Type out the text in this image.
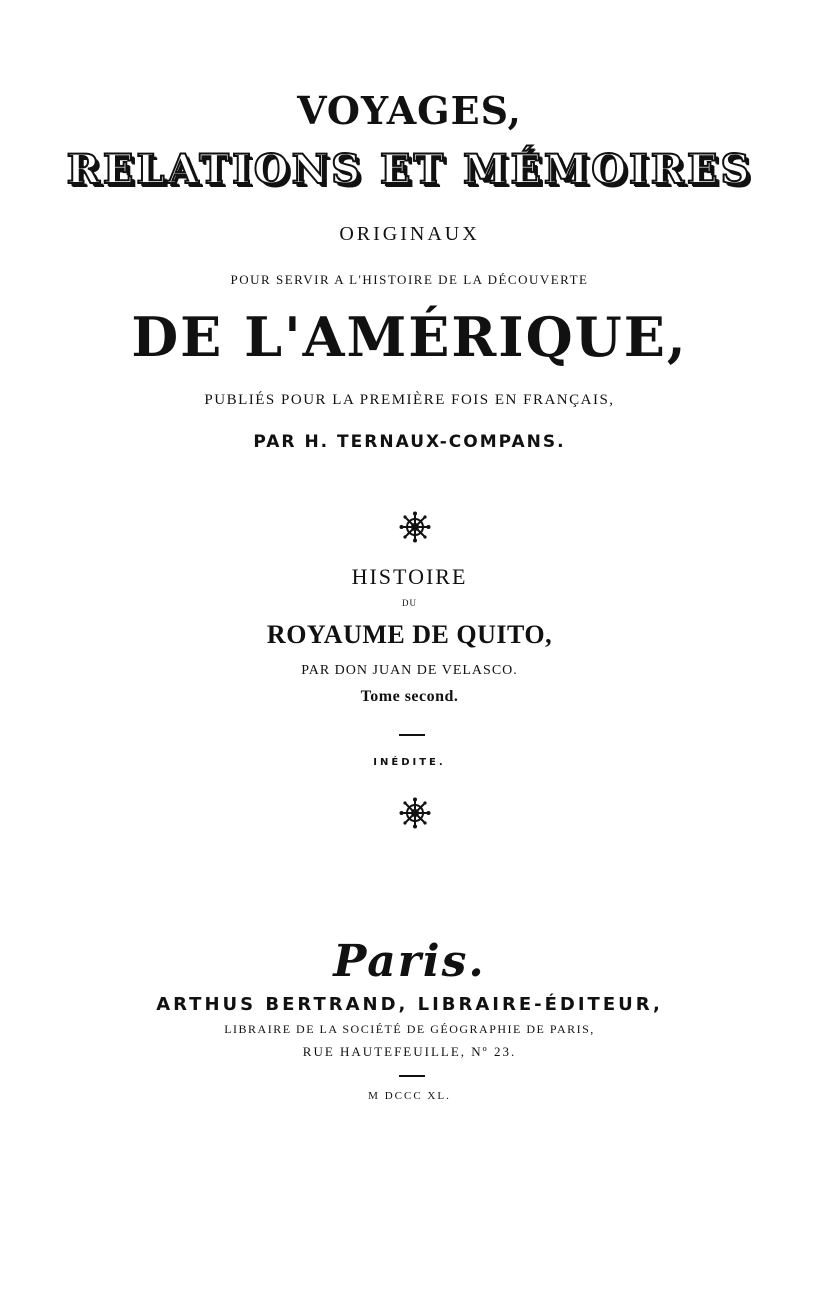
VOYAGES,
RELATIONS ET MÉMOIRES
ORIGINAUX
POUR SERVIR A L'HISTOIRE DE LA DÉCOUVERTE
DE L'AMÉRIQUE,
PUBLIÉS POUR LA PREMIÈRE FOIS EN FRANÇAIS,
PAR H. TERNAUX-COMPANS.
HISTOIRE
DU
ROYAUME DE QUITO,
PAR DON JUAN DE VELASCO.
Tome second.
INÉDITE.
Paris.
ARTHUS BERTRAND, LIBRAIRE-ÉDITEUR,
LIBRAIRE DE LA SOCIÉTÉ DE GÉOGRAPHIE DE PARIS,
RUE HAUTEFEUILLE, Nº 23.
M DCCC XL.
